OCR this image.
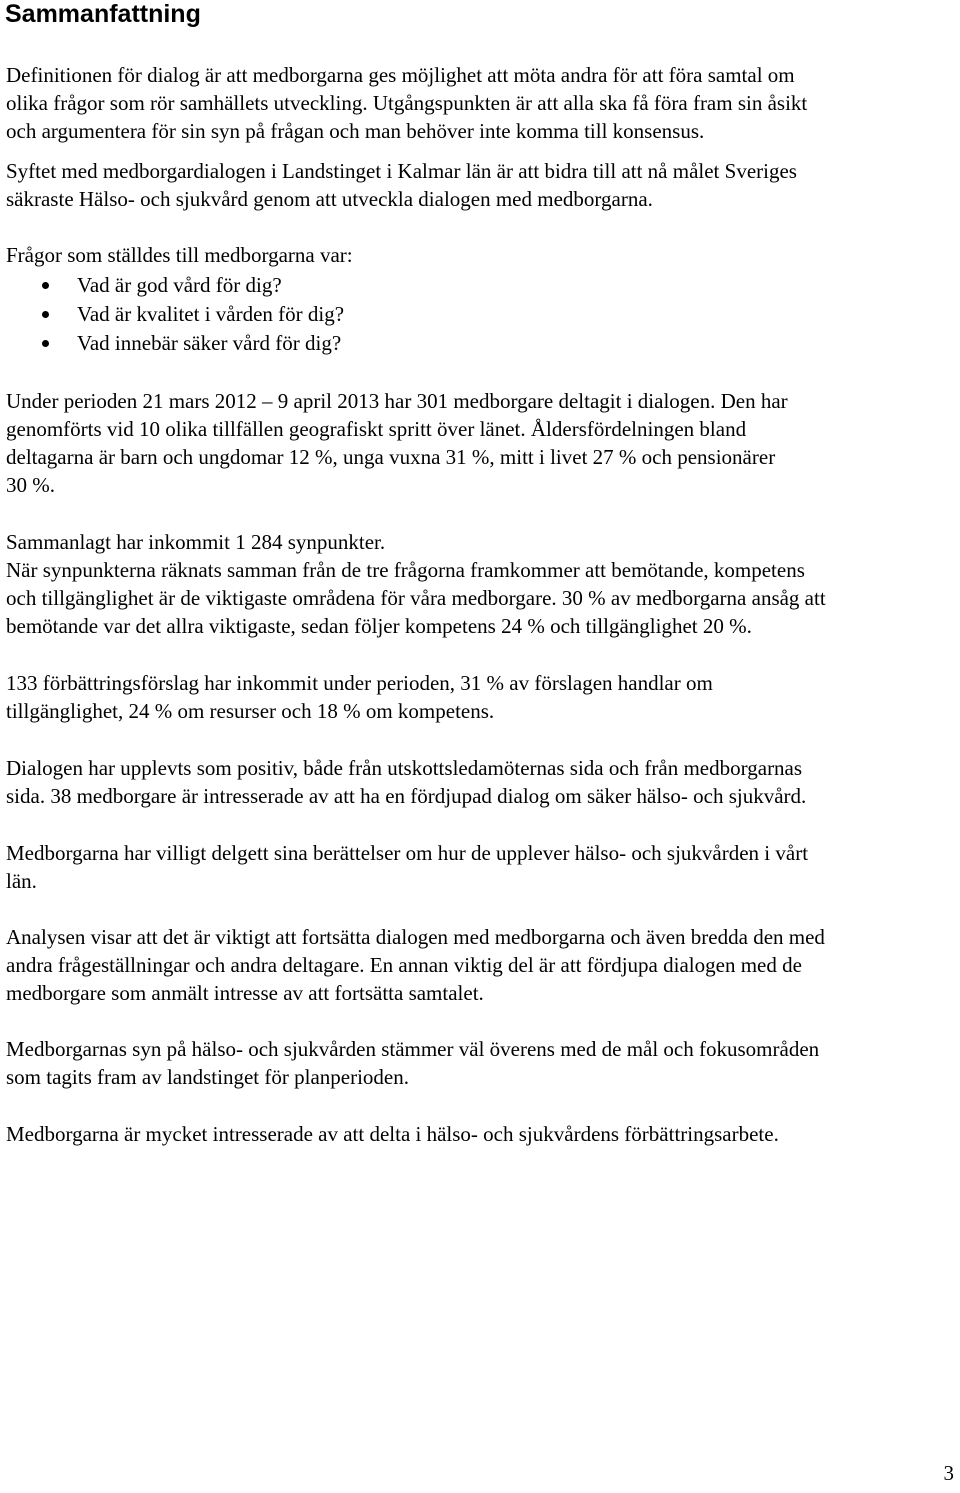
Sammanfattning

Definitionen för dialog är att medborgarna ges möjlighet att möta andra för att föra samtal om

olika frågor som rör samhällets utveckling. Utgångspunkten är att alla ska få föra fram sin åsikt

och argumentera för sin syn på frågan och man behöver inte komma till konsensus.

Syftet med medborgardialogen i Landstinget i Kalmar län är att bidra till att nå målet Sveriges

säkraste Hälso- och sjukvård genom att utveckla dialogen med medborgarna.

Frågor som ställdes till medborgarna var:

Vad är god vård för dig?
Vad är kvalitet i vården för dig?
Vad innebär säker vård för dig?

Under perioden 21 mars 2012 – 9 april 2013 har 301 medborgare deltagit i dialogen. Den har

genomförts vid 10 olika tillfällen geografiskt spritt över länet. Åldersfördelningen bland

deltagarna är barn och ungdomar 12 %, unga vuxna 31 %, mitt i livet 27 % och pensionärer

30 %.

Sammanlagt har inkommit 1 284 synpunkter.

När synpunkterna räknats samman från de tre frågorna framkommer att bemötande, kompetens

och tillgänglighet är de viktigaste områdena för våra medborgare. 30 % av medborgarna ansåg att

bemötande var det allra viktigaste, sedan följer kompetens 24 % och tillgänglighet 20 %.

133 förbättringsförslag har inkommit under perioden, 31 % av förslagen handlar om

tillgänglighet, 24 % om resurser och 18 % om kompetens.

Dialogen har upplevts som positiv, både från utskottsledamöternas sida och från medborgarnas

sida. 38 medborgare är intresserade av att ha en fördjupad dialog om säker hälso- och sjukvård.

Medborgarna har villigt delgett sina berättelser om hur de upplever hälso- och sjukvården i vårt

län.

Analysen visar att det är viktigt att fortsätta dialogen med medborgarna och även bredda den med

andra frågeställningar och andra deltagare. En annan viktig del är att fördjupa dialogen med de

medborgare som anmält intresse av att fortsätta samtalet.

Medborgarnas syn på hälso- och sjukvården stämmer väl överens med de mål och fokusområden

som tagits fram av landstinget för planperioden.

Medborgarna är mycket intresserade av att delta i hälso- och sjukvårdens förbättringsarbete.

3
